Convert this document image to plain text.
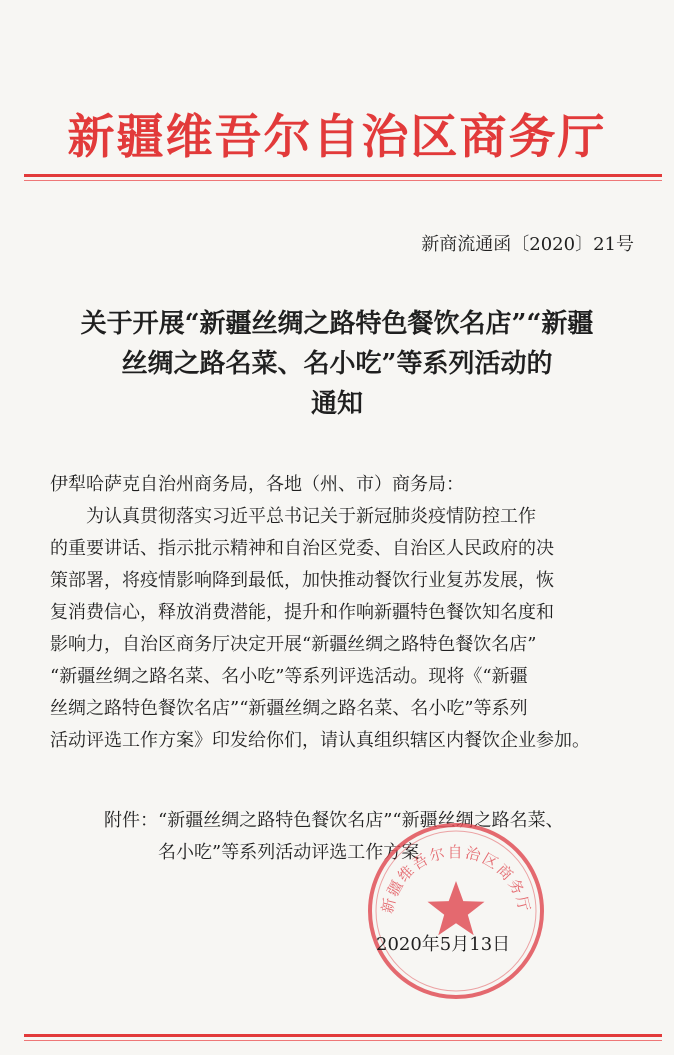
新疆维吾尔自治区商务厅
新商流通函〔2020〕21号
关于开展“新疆丝绸之路特色餐饮名店”“新疆
丝绸之路名菜、名小吃”等系列活动的
通知
伊犁哈萨克自治州商务局，各地（州、市）商务局：
为认真贯彻落实习近平总书记关于新冠肺炎疫情防控工作
的重要讲话、指示批示精神和自治区党委、自治区人民政府的决
策部署，将疫情影响降到最低，加快推动餐饮行业复苏发展，恢
复消费信心，释放消费潜能，提升和作响新疆特色餐饮知名度和
影响力，自治区商务厅决定开展“新疆丝绸之路特色餐饮名店”
“新疆丝绸之路名菜、名小吃”等系列评选活动。现将《“新疆
丝绸之路特色餐饮名店”“新疆丝绸之路名菜、名小吃”等系列
活动评选工作方案》印发给你们，请认真组织辖区内餐饮企业参加。
附件：“新疆丝绸之路特色餐饮名店”“新疆丝绸之路名菜、
名小吃”等系列活动评选工作方案
新疆维吾尔自治区商务厅
2020年5月13日
